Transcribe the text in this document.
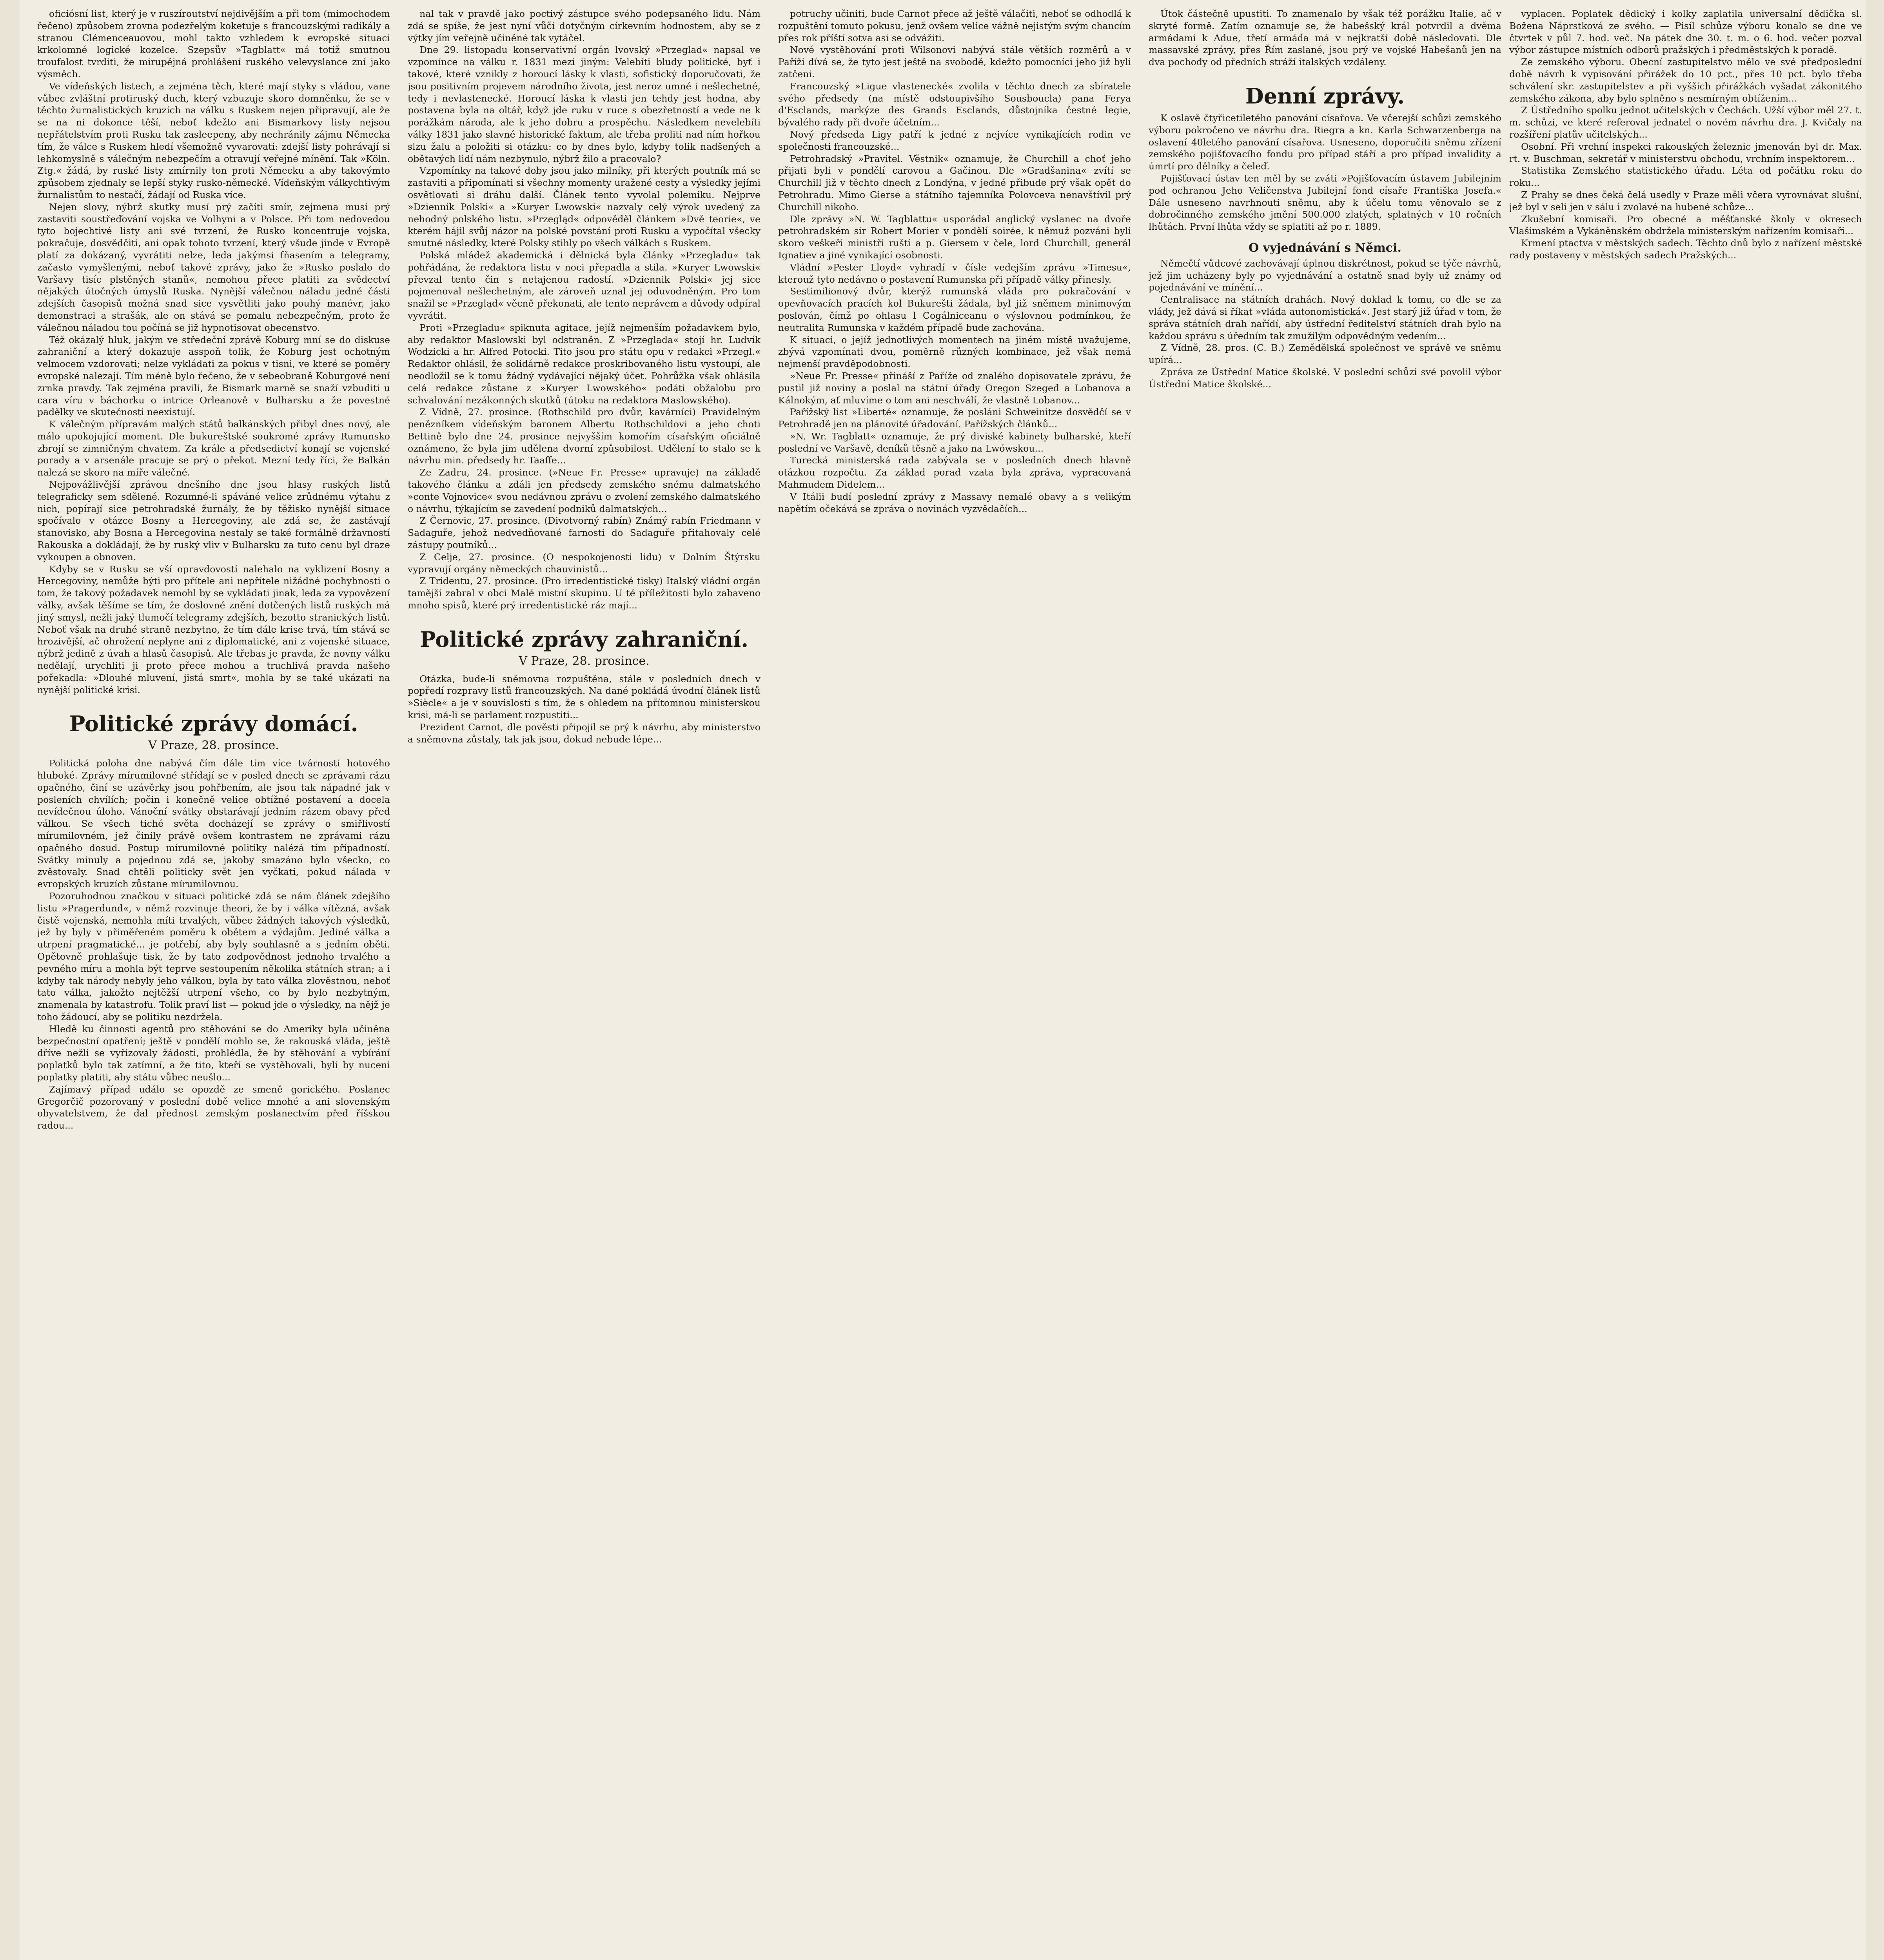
oficiósní list, který je v ruszíroutství nejdivějším a při tom (mimochodem řečeno) způsobem zrovna podezřelým koketuje s francouzskými radikály a stranou Clémenceauovou, mohl takto vzhledem k evropské situaci krkolomné logické kozelce. Szepsův »Tagblatt« má totiž smutnou troufalost tvrditi, že mirupějná prohlášení ruského velevyslance zní jako výsměch.

Ve vídeňských listech, a zejména těch, které mají styky s vládou, vane vůbec zvláštní protiruský duch, který vzbuzuje skoro domněnku, že se v těchto žurnalistických kruzích na válku s Ruskem nejen připravují, ale že se na ni dokonce těší, neboť kdežto ani Bismarkovy listy nejsou nepřátelstvím proti Rusku tak zasleepeny, aby nechránily zájmu Německa tím, že válce s Ruskem hledí všemožně vyvarovati: zdejší listy pohrávají si lehkomyslně s válečným nebezpečím a otravují veřejné mínění. Tak »Köln. Ztg.« žádá, by ruské listy zmírnily ton proti Německu a aby takovýmto způsobem zjednaly se lepší styky rusko-německé. Vídeňským válkychtivým žurnalistům to nestačí, žádají od Ruska více.

Nejen slovy, nýbrž skutky musí prý začíti smír, zejmena musí prý zastaviti soustřeďování vojska ve Volhyni a v Polsce. Při tom nedovedou tyto bojechtivé listy ani své tvrzení, že Rusko koncentruje vojska, pokračuje, dosvědčiti, ani opak tohoto tvrzení, který všude jinde v Evropě platí za dokázaný, vyvrátiti nelze, leda jakýmsi fňasením a telegramy, začasto vymyšlenými, neboť takové zprávy, jako že »Rusko poslalo do Varšavy tisíc plstěných stanů«, nemohou přece platiti za svědectví nějakých útočných úmyslů Ruska. Nynější válečnou náladu jedné části zdejších časopisů možná snad sice vysvětliti jako pouhý manévr, jako demonstraci a strašák, ale on stává se pomalu nebezpečným, proto že válečnou náladou tou počíná se již hypnotisovat obecenstvo.

Též okázalý hluk, jakým ve středeční zprávě Koburg mní se do diskuse zahraniční a který dokazuje asspoň tolik, že Koburg jest ochotným velmocem vzdorovati; nelze vykládati za pokus v tisni, ve které se poměry evropské nalezají. Tím méně bylo řečeno, že v sebeobraně Koburgové není zrnka pravdy. Tak zejména pravili, že Bismark marně se snaží vzbuditi u cara víru v báchorku o intrice Orleanově v Bulharsku a že povestné padělky ve skutečnosti neexistují.

K válečným přípravám malých států balkánských přibyl dnes nový, ale málo upokojující moment. Dle bukureštské soukromé zprávy Rumunsko zbrojí se zimničným chvatem. Za krále a předsedictví konají se vojenské porady a v arsenále pracuje se prý o překot. Mezní tedy říci, že Balkán nalezá se skoro na míře válečné.

Nejpovážlivější zprávou dnešního dne jsou hlasy ruských listů telegraficky sem sdělené. Rozumné-li spáváné velice zrůdnému výtahu z nich, popírají sice petrohradské žurnály, že by těžisko nynější situace spočívalo v otázce Bosny a Hercegoviny, ale zdá se, že zastávají stanovisko, aby Bosna a Hercegovina nestaly se také formálně državností Rakouska a dokládají, že by ruský vliv v Bulharsku za tuto cenu byl draze vykoupen a obnoven.

Kdyby se v Rusku se vší opravdovostí nalehalo na vyklizení Bosny a Hercegoviny, nemůže býti pro přítele ani nepřítele nižádné pochybnosti o tom, že takový požadavek nemohl by se vykládati jinak, leda za vypovězení války, avšak těšíme se tím, že doslovné znění dotčených listů ruských má jiný smysl, nežli jaký tlumočí telegramy zdejších, bezotto stranických listů. Neboť však na druhé straně nezbytno, že tím dále krise trvá, tím stává se hrozivější, ač ohrožení neplyne ani z diplomatické, ani z vojenské situace, nýbrž jedině z úvah a hlasů časopisů. Ale třebas je pravda, že novny válku nedělají, urychliti ji proto přece mohou a truchlivá pravda našeho pořekadla: »Dlouhé mluvení, jistá smrt«, mohla by se také ukázati na nynější politické krisi.

Politické zprávy domácí.

V Praze, 28. prosince.

Politická poloha dne nabývá čím dále tím více tvárnosti hotového hluboké. Zprávy mírumilovné střídají se v posled dnech se zprávami rázu opačného, činí se uzávěrky jsou pohřbením, ale jsou tak nápadné jak v posleních chvílích; počin i konečně velice obtížné postavení a docela nevídečnou úloho. Vánoční svátky obstarávají jedním rázem obavy před válkou. Se všech tiché světa docházejí se zprávy o smiřlivostí mírumilovném, jež činily právě ovšem kontrastem ne zprávami rázu opačného dosud. Postup mírumilovné politiky nalézá tím případností. Svátky minuly a pojednou zdá se, jakoby smazáno bylo všecko, co zvěstovaly. Snad chtěli politicky svět jen vyčkati, pokud nálada v evropských kruzích zůstane mírumilovnou.

Pozoruhodnou značkou v situaci politické zdá se nám článek zdejšího listu »Pragerdund«, v němž rozvinuje theori, že by i válka vítězná, avšak čistě vojenská, nemohla míti trvalých, vůbec žádných takových výsledků, jež by byly v přiměřeném poměru k obětem a výdajům. Jediné válka a utrpení pragmatické... je potřebí, aby byly souhlasně a s jedním oběti. Opětovně prohlašuje tisk, že by tato zodpovědnost jednoho trvalého a pevného míru a mohla být teprve sestoupením několika státních stran; a i kdyby tak národy nebyly jeho válkou, byla by tato válka zlověstnou, neboť tato válka, jakožto nejtěžší utrpení všeho, co by bylo nezbytným, znamenala by katastrofu. Tolik praví list — pokud jde o výsledky, na nějž je toho žádoucí, aby se politiku nezdržela.

Hledě ku činnosti agentů pro stěhování se do Ameriky byla učiněna bezpečnostní opatření; ještě v pondělí mohlo se, že rakouská vláda, ještě dříve nežli se vyřizovaly žádosti, prohlédla, že by stěhování a vybírání poplatků bylo tak zatímní, a že tito, kteří se vystěhovali, byli by nuceni poplatky platiti, aby státu vůbec neušlo...

Zajímavý případ událo se opozdě ze smeně gorického. Poslanec Gregorčič pozorovaný v poslední době velice mnohé a ani slovenským obyvatelstvem, že dal přednost zemským poslanectvím před říšskou radou...

nal tak v pravdě jako poctivý zástupce svého podepsaného lidu. Nám zdá se spíše, že jest nyní vůči dotyčným církevním hodnostem, aby se z výtky jím veřejně učiněné tak vytáčel.

Dne 29. listopadu konservativní orgán lvovský »Przeglad« napsal ve vzpomínce na válku r. 1831 mezi jiným: Velebíti bludy politické, byť i takové, které vznikly z horoucí lásky k vlasti, sofistický doporučovati, že jsou positivním projevem národního života, jest neroz umné i nešlechetné, tedy i nevlastenecké. Horoucí láska k vlasti jen tehdy jest hodna, aby postavena byla na oltář, když jde ruku v ruce s obezřetností a vede ne k porážkám národa, ale k jeho dobru a prospěchu. Následkem nevelebíti války 1831 jako slavné historické faktum, ale třeba proliti nad ním hořkou slzu žalu a položiti si otázku: co by dnes bylo, kdyby tolik nadšených a obětavých lidí nám nezbynulo, nýbrž žilo a pracovalo?

Vzpomínky na takové doby jsou jako milníky, při kterých poutník má se zastaviti a připomínati si všechny momenty uražené cesty a výsledky jejími osvětlovati si dráhu další. Článek tento vyvolal polemiku. Nejprve »Dziennik Polski« a »Kuryer Lwowski« nazvaly celý výrok uvedený za nehodný polského listu. »Przegląd« odpověděl článkem »Dvě teorie«, ve kterém hájil svůj názor na polské povstání proti Rusku a vypočítal všecky smutné následky, které Polsky stihly po všech válkách s Ruskem.

Polská mládež akademická i dělnická byla články »Przegladu« tak pohřádána, že redaktora listu v noci přepadla a stila. »Kuryer Lwowski« převzal tento čin s netajenou radostí. »Dziennik Polski« jej sice pojmenoval nešlechetným, ale zároveň uznal jej oduvodněným. Pro tom snažil se »Przegląd« věcně překonati, ale tento neprávem a důvody odpíral vyvrátit.

Proti »Przegladu« spiknuta agitace, jejíž nejmenším požadavkem bylo, aby redaktor Maslowski byl odstraněn. Z »Przeglada« stojí hr. Ludvík Wodzicki a hr. Alfred Potocki. Tito jsou pro státu opu v redakci »Przegl.« Redaktor ohlásil, že solidárně redakce proskribovaného listu vystoupí, ale neodložil se k tomu žádný vydávající nějaký účet. Pohrůžka však ohlásila celá redakce zůstane z »Kuryer Lwowského« podáti obžalobu pro schvalování nezákonných skutků (útoku na redaktora Maslowského).

Z Vídně, 27. prosince. (Rothschild pro dvůr, kavárníci) Pravidelným penězníkem vídeňským baronem Albertu Rothschildovi a jeho choti Bettině bylo dne 24. prosince nejvyšším komořím císařským oficiálně oznámeno, že byla jim udělena dvorní způsobilost. Udělení to stalo se k návrhu min. předsedy hr. Taaffe...

Ze Zadru, 24. prosince. (»Neue Fr. Presse« upravuje) na základě takového článku a zdáli jen předsedy zemského snému dalmatského »conte Vojnovice« svou nedávnou zprávu o zvolení zemského dalmatského o návrhu, týkajícím se zavedení podniků dalmatských...

Z Černovic, 27. prosince. (Divotvorný rabín) Známý rabín Friedmann v Sadaguře, jehož nedvedňované farnosti do Sadaguře přitahovaly celé zástupy poutníků...

Z Celje, 27. prosince. (O nespokojenosti lidu) v Dolním Štýrsku vypravují orgány německých chauvinistů...

Z Tridentu, 27. prosince. (Pro irredentistické tisky) Italský vládní orgán tamější zabral v obci Malé mistní skupinu. U té příležitosti bylo zabaveno mnoho spisů, které prý irredentistické ráz mají...

Politické zprávy zahraniční.

V Praze, 28. prosince.

Otázka, bude-li sněmovna rozpuštěna, stále v posledních dnech v popředí rozpravy listů francouzských. Na dané pokládá úvodní článek listů »Siècle« a je v souvislosti s tím, že s ohledem na přítomnou ministerskou krisi, má-li se parlament rozpustiti...

Prezident Carnot, dle pověsti připojil se prý k návrhu, aby ministerstvo a sněmovna zůstaly, tak jak jsou, dokud nebude lépe...

potruchy učiniti, bude Carnot přece až ještě válačiti, neboť se odhodlá k rozpuštění tomuto pokusu, jenž ovšem velice vážně nejistým svým chancím přes rok příští sotva asi se odvážiti.

Nové vystěhování proti Wilsonovi nabývá stále větších rozměrů a v Paříži dívá se, že tyto jest ještě na svobodě, kdežto pomocníci jeho již byli zatčeni.

Francouzský »Ligue vlastenecké« zvolila v těchto dnech za sbíratele svého předsedy (na místě odstoupivšího Sousboucla) pana Ferya d'Esclands, markýze des Grands Esclands, důstojníka čestné legie, bývalého rady při dvoře účetním...

Nový předseda Ligy patří k jedné z nejvíce vynikajících rodin ve společnosti francouzské...

Petrohradský »Pravitel. Věstnik« oznamuje, že Churchill a choť jeho přijati byli v pondělí carovou a Gačinou. Dle »Gradšanina« zvítí se Churchill již v těchto dnech z Londýna, v jedné přibude prý však opět do Petrohradu. Mimo Gierse a státního tajemníka Polovceva nenavštívil prý Churchill nikoho.

Dle zprávy »N. W. Tagblattu« usporádal anglický vyslanec na dvoře petrohradském sir Robert Morier v pondělí soirée, k němuž pozváni byli skoro veškeří ministři ruští a p. Giersem v čele, lord Churchill, generál Ignatiev a jiné vynikající osobnosti.

Vládní »Pester Lloyd« vyhradí v čísle vedejším zprávu »Timesu«, kterouž tyto nedávno o postavení Rumunska při případě války přinesly.

Sestimilionový dvůr, kterýž rumunská vláda pro pokračování v opevňovacích pracích kol Bukurešti žádala, byl již sněmem minimovým poslován, čímž po ohlasu l Cogálniceanu o výslovnou podmínkou, že neutralita Rumunska v každém případě bude zachována.

K situaci, o jejíž jednotlivých momentech na jiném místě uvažujeme, zbývá vzpomínati dvou, poměrně různých kombinace, jež však nemá nejmenší pravděpodobnosti.

»Neue Fr. Presse« přináší z Paříže od znalého dopisovatele zprávu, že pustil již noviny a poslal na státní úřady Oregon Szeged a Lobanova a Kálnokým, ať mluvíme o tom ani neschválí, že vlastně Lobanov...

Pařížský list »Liberté« oznamuje, že posláni Schweinitze dosvědčí se v Petrohradě jen na plánovité úřadování. Pařížských článků...

»N. Wr. Tagblatt« oznamuje, že prý diviské kabinety bulharské, kteří poslední ve Varšavě, deníků těsně a jako na Lwówskou...

Turecká ministerská rada zabývala se v posledních dnech hlavně otázkou rozpočtu. Za základ porad vzata byla zpráva, vypracovaná Mahmudem Didelem...

V Itálii budí poslední zprávy z Massavy nemalé obavy a s velikým napětím očekává se zpráva o novinách vyzvědačích...

Útok částečně upustiti. To znamenalo by však též porážku Italie, ač v skryté formě. Zatím oznamuje se, že habešský král potvrdil a dvěma armádami k Adue, třetí armáda má v nejkratší době následovati. Dle massavské zprávy, přes Řím zaslané, jsou prý ve vojské Habešanů jen na dva pochody od předních stráží italských vzdáleny.

Denní zprávy.

K oslavě čtyřicetiletého panování císařova. Ve včerejší schůzi zemského výboru pokročeno ve návrhu dra. Riegra a kn. Karla Schwarzenberga na oslavení 40letého panování císařova. Usneseno, doporučiti sněmu zřízení zemského pojišťovacího fondu pro případ stáří a pro případ invalidity a úmrtí pro dělníky a čeleď.

Pojišťovací ústav ten měl by se zváti »Pojišťovacím ústavem Jubilejním pod ochranou Jeho Veličenstva Jubilejní fond císaře Františka Josefa.« Dále usneseno navrhnouti sněmu, aby k účelu tomu věnovalo se z dobročinného zemského jmění 500.000 zlatých, splatných v 10 ročních lhůtách. První lhůta vždy se splatiti až po r. 1889.

O vyjednávání s Němci.

Němečtí vůdcové zachovávají úplnou diskrétnost, pokud se týče návrhů, jež jim ucházeny byly po vyjednávání a ostatně snad byly už známy od pojednávání ve mínění...

Centralisace na státních drahách. Nový doklad k tomu, co dle se za vlády, jež dává si říkat »vláda autonomistická«. Jest starý již úřad v tom, že správa státních drah nařídí, aby ústřední ředitelství státních drah bylo na každou správu s úředním tak zmužilým odpovědným vedením...

Z Vídně, 28. pros. (C. B.) Zemědělská společnost ve správě ve sněmu upírá...

Zpráva ze Ústřední Matice školské. V poslední schůzi své povolil výbor Ústřední Matice školské...

vyplacen. Poplatek dědický i kolky zaplatila universalní dědička sl. Božena Náprstková ze svého. — Pisíl schůze výboru konalo se dne ve čtvrtek v půl 7. hod. več. Na pátek dne 30. t. m. o 6. hod. večer pozval výbor zástupce místních odborů pražských i předměstských k poradě.

Ze zemského výboru. Obecní zastupitelstvo mělo ve své předposlední době návrh k vypisování přirážek do 10 pct., přes 10 pct. bylo třeba schválení skr. zastupitelstev a při vyšších přirážkách vyšadat zákonitého zemského zákona, aby bylo splněno s nesmírným obtížením...

Z Ústředního spolku jednot učitelských v Čechách. Užší výbor měl 27. t. m. schůzi, ve které referoval jednatel o novém návrhu dra. J. Kvičaly na rozšíření platův učitelských...

Osobní. Při vrchní inspekci rakouských železnic jmenován byl dr. Max. rt. v. Buschman, sekretář v ministerstvu obchodu, vrchním inspektorem...

Statistika Zemského statistického úřadu. Léta od počátku roku do roku...

Z Prahy se dnes čeká čelá usedly v Praze měli včera vyrovnávat slušní, jež byl v seli jen v sálu i zvolavé na hubené schůze...

Zkušební komisaři. Pro obecné a měšťanské školy v okresech Vlašimském a Vykáněnském obdržela ministerským nařízením komisaři...

Krmení ptactva v městských sadech. Těchto dnů bylo z nařízení městské rady postaveny v městských sadech Pražských...
